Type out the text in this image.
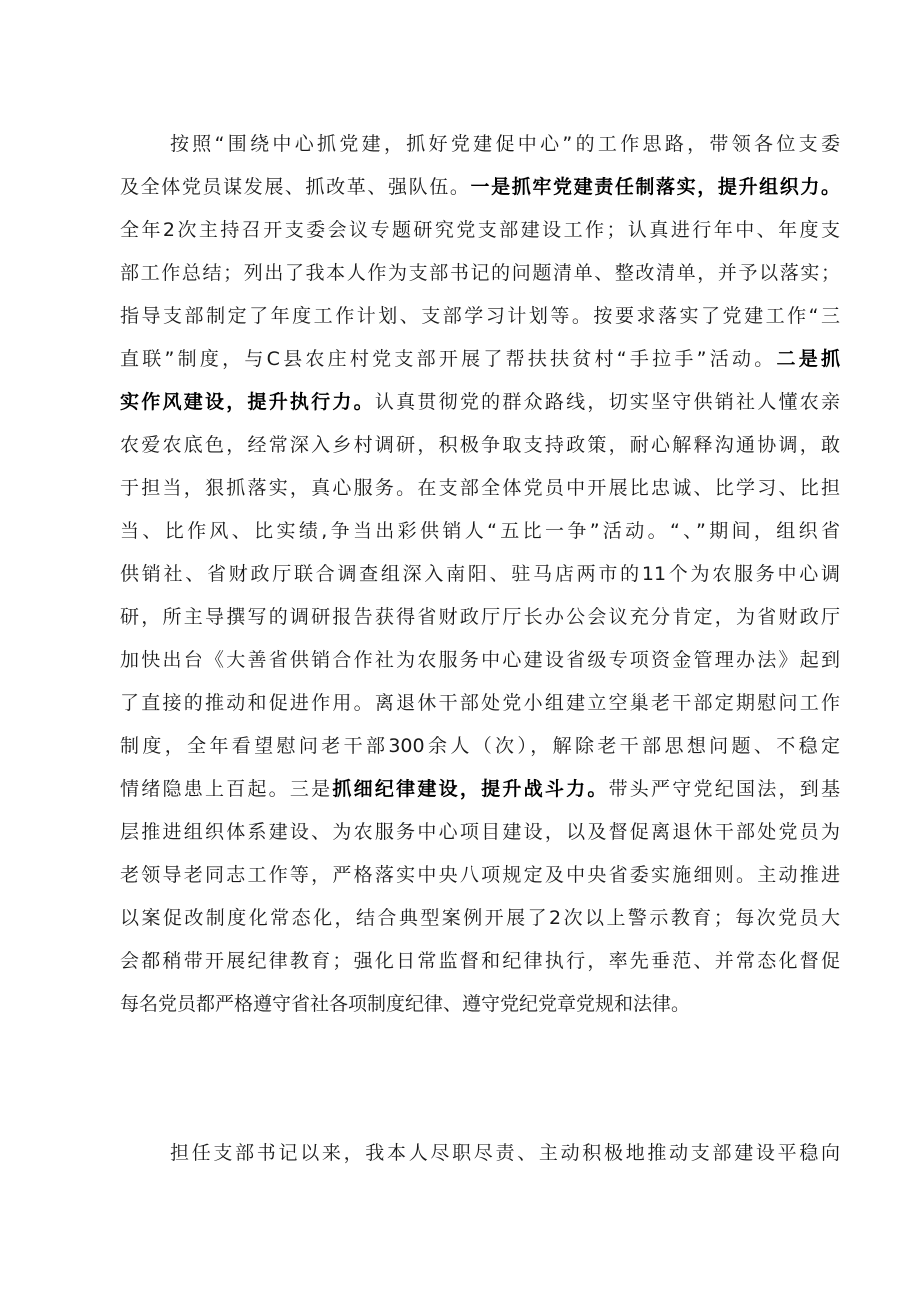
按照“围绕中心抓党建，抓好党建促中心”的工作思路，带领各位支委
及全体党员谋发展、抓改革、强队伍。一是抓牢党建责任制落实，提升组织力。
全年2次主持召开支委会议专题研究党支部建设工作；认真进行年中、年度支
部工作总结；列出了我本人作为支部书记的问题清单、整改清单，并予以落实；
指导支部制定了年度工作计划、支部学习计划等。按要求落实了党建工作“三
直联”制度，与C县农庄村党支部开展了帮扶扶贫村“手拉手”活动。二是抓
实作风建设，提升执行力。认真贯彻党的群众路线，切实坚守供销社人懂农亲
农爱农底色，经常深入乡村调研，积极争取支持政策，耐心解释沟通协调，敢
于担当，狠抓落实，真心服务。在支部全体党员中开展比忠诚、比学习、比担
当、比作风、比实绩,争当出彩供销人“五比一争”活动。“、”期间，组织省
供销社、省财政厅联合调查组深入南阳、驻马店两市的11个为农服务中心调
研，所主导撰写的调研报告获得省财政厅厅长办公会议充分肯定，为省财政厅
加快出台《大善省供销合作社为农服务中心建设省级专项资金管理办法》起到
了直接的推动和促进作用。离退休干部处党小组建立空巢老干部定期慰问工作
制度，全年看望慰问老干部300余人（次），解除老干部思想问题、不稳定
情绪隐患上百起。三是抓细纪律建设，提升战斗力。带头严守党纪国法，到基
层推进组织体系建设、为农服务中心项目建设，以及督促离退休干部处党员为
老领导老同志工作等，严格落实中央八项规定及中央省委实施细则。主动推进
以案促改制度化常态化，结合典型案例开展了2次以上警示教育；每次党员大
会都稍带开展纪律教育；强化日常监督和纪律执行，率先垂范、并常态化督促
每名党员都严格遵守省社各项制度纪律、遵守党纪党章党规和法律。
担任支部书记以来，我本人尽职尽责、主动积极地推动支部建设平稳向
